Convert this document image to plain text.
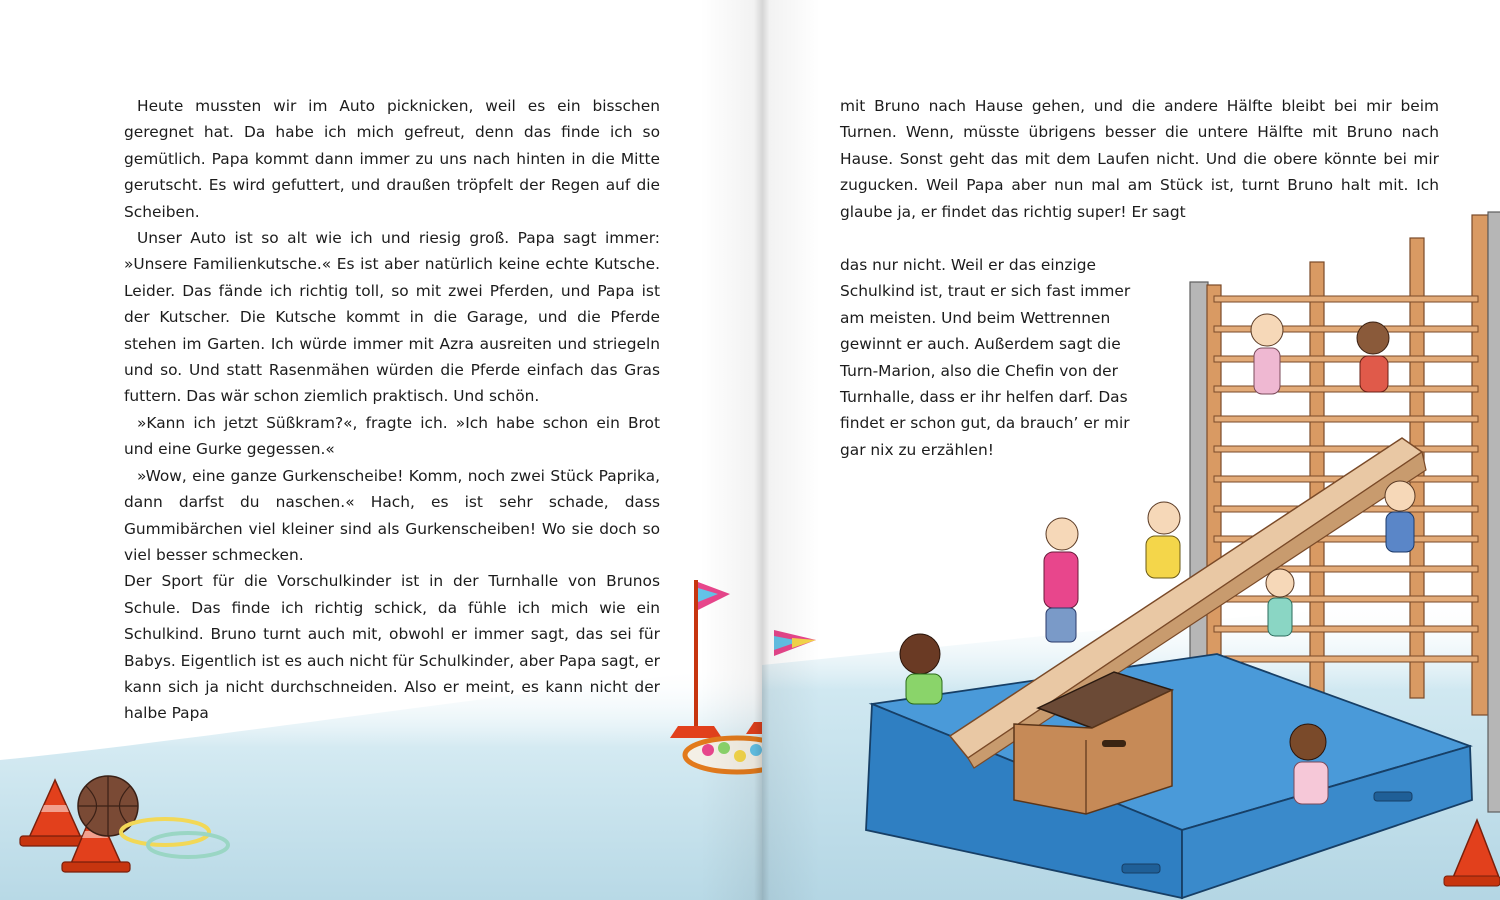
Heute mussten wir im Auto picknicken, weil es ein bisschen geregnet hat. Da habe ich mich gefreut, denn das finde ich so gemütlich. Papa kommt dann immer zu uns nach hinten in die Mitte gerutscht. Es wird gefuttert, und draußen tröpfelt der Regen auf die Scheiben.

Unser Auto ist so alt wie ich und riesig groß. Papa sagt immer: »Unsere Familienkutsche.« Es ist aber natürlich keine echte Kutsche. Leider. Das fände ich richtig toll, so mit zwei Pferden, und Papa ist der Kutscher. Die Kutsche kommt in die Garage, und die Pferde stehen im Garten. Ich würde immer mit Azra ausreiten und striegeln und so. Und statt Rasenmähen würden die Pferde einfach das Gras futtern. Das wär schon ziemlich praktisch. Und schön.

»Kann ich jetzt Süßkram?«, fragte ich. »Ich habe schon ein Brot und eine Gurke gegessen.«

»Wow, eine ganze Gurkenscheibe! Komm, noch zwei Stück Paprika, dann darfst du naschen.« Hach, es ist sehr schade, dass Gummibärchen viel kleiner sind als Gurkenscheiben! Wo sie doch so viel besser schmecken.

Der Sport für die Vorschulkinder ist in der Turnhalle von Brunos Schule. Das finde ich richtig schick, da fühle ich mich wie ein Schulkind. Bruno turnt auch mit, obwohl er immer sagt, das sei für Babys. Eigentlich ist es auch nicht für Schulkinder, aber Papa sagt, er kann sich ja nicht durchschneiden. Also er meint, es kann nicht der halbe Papa

mit Bruno nach Hause gehen, und die andere Hälfte bleibt bei mir beim Turnen. Wenn, müsste übrigens besser die untere Hälfte mit Bruno nach Hause. Sonst geht das mit dem Laufen nicht. Und die obere könnte bei mir zugucken. Weil Papa aber nun mal am Stück ist, turnt Bruno halt mit. Ich glaube ja, er findet das richtig super! Er sagt

das nur nicht. Weil er das einzige Schulkind ist, traut er sich fast immer am meisten. Und beim Wettrennen gewinnt er auch. Außerdem sagt die Turn-Marion, also die Chefin von der Turnhalle, dass er ihr helfen darf. Das findet er schon gut, da brauch’ er mir gar nix zu erzählen!
